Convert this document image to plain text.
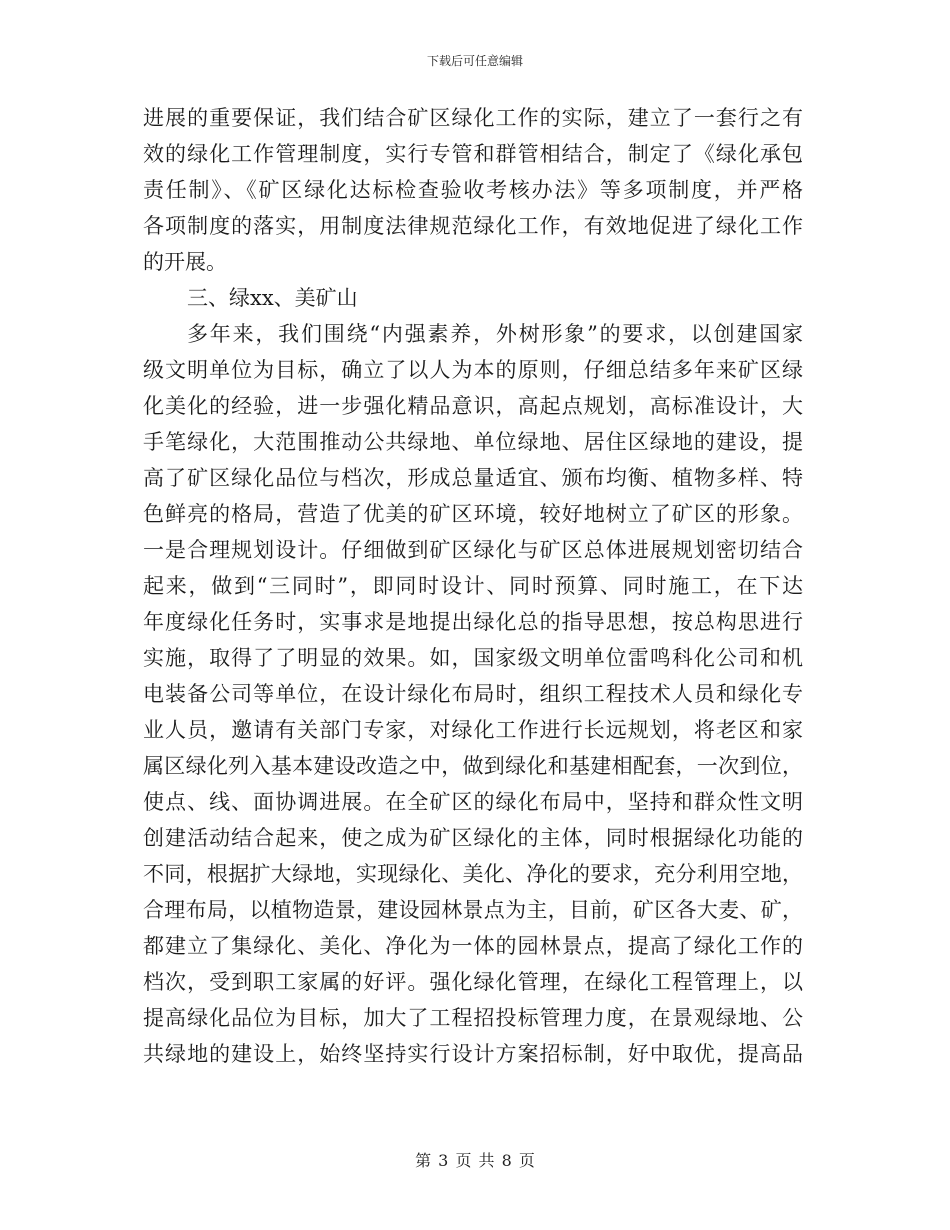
下载后可任意编辑
进展的重要保证，我们结合矿区绿化工作的实际，建立了一套行之有
效的绿化工作管理制度，实行专管和群管相结合，制定了《绿化承包
责任制》、《矿区绿化达标检查验收考核办法》等多项制度，并严格
各项制度的落实，用制度法律规范绿化工作，有效地促进了绿化工作
的开展。
三、绿xx、美矿山
多年来，我们围绕“内强素养，外树形象”的要求，以创建国家
级文明单位为目标，确立了以人为本的原则，仔细总结多年来矿区绿
化美化的经验，进一步强化精品意识，高起点规划，高标准设计，大
手笔绿化，大范围推动公共绿地、单位绿地、居住区绿地的建设，提
高了矿区绿化品位与档次，形成总量适宜、颁布均衡、植物多样、特
色鲜亮的格局，营造了优美的矿区环境，较好地树立了矿区的形象。
一是合理规划设计。仔细做到矿区绿化与矿区总体进展规划密切结合
起来，做到“三同时”，即同时设计、同时预算、同时施工，在下达
年度绿化任务时，实事求是地提出绿化总的指导思想，按总构思进行
实施，取得了了明显的效果。如，国家级文明单位雷鸣科化公司和机
电装备公司等单位，在设计绿化布局时，组织工程技术人员和绿化专
业人员，邀请有关部门专家，对绿化工作进行长远规划，将老区和家
属区绿化列入基本建设改造之中，做到绿化和基建相配套，一次到位，
使点、线、面协调进展。在全矿区的绿化布局中，坚持和群众性文明
创建活动结合起来，使之成为矿区绿化的主体，同时根据绿化功能的
不同，根据扩大绿地，实现绿化、美化、净化的要求，充分利用空地，
合理布局，以植物造景，建设园林景点为主，目前，矿区各大麦、矿，
都建立了集绿化、美化、净化为一体的园林景点，提高了绿化工作的
档次，受到职工家属的好评。强化绿化管理，在绿化工程管理上，以
提高绿化品位为目标，加大了工程招投标管理力度，在景观绿地、公
共绿地的建设上，始终坚持实行设计方案招标制，好中取优，提高品
第 3 页 共 8 页
